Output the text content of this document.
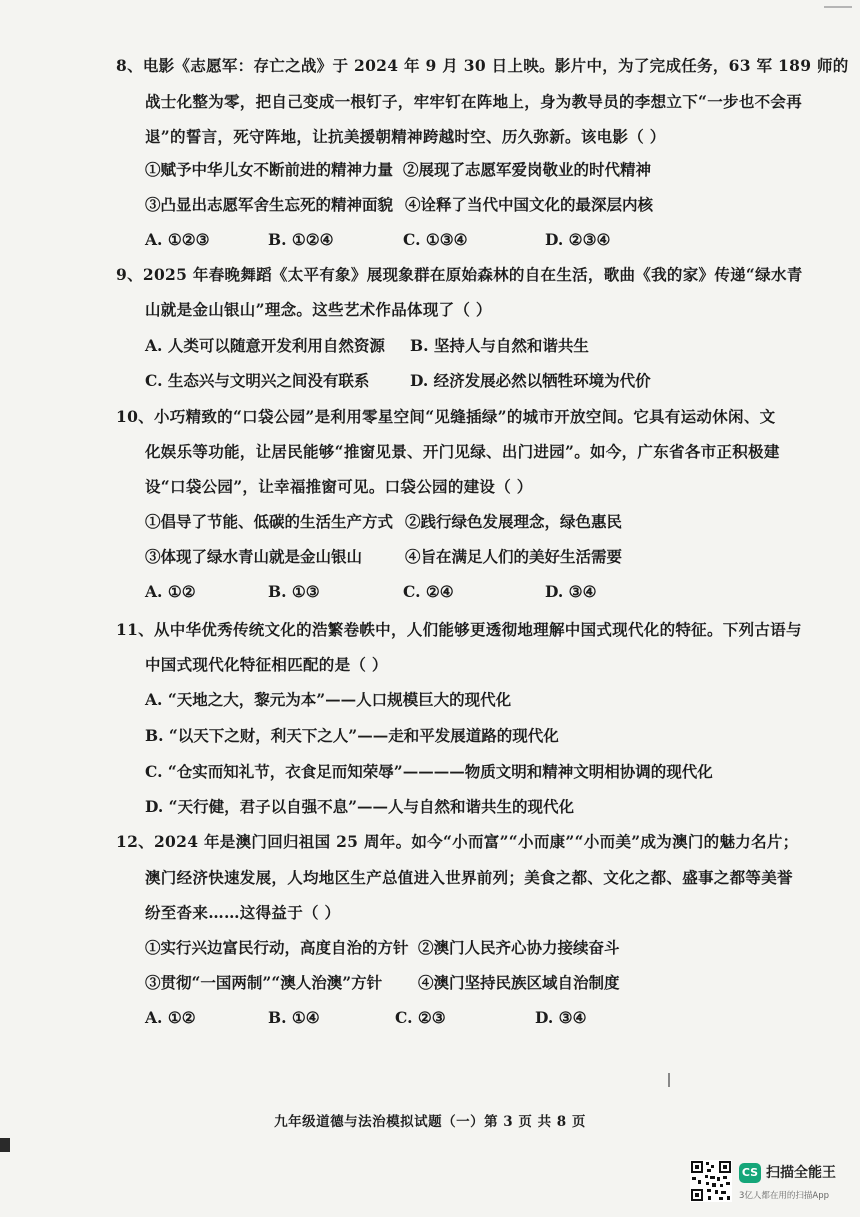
8、电影《志愿军：存亡之战》于 2024 年 9 月 30 日上映。影片中，为了完成任务，63 军 189 师的
战士化整为零，把自己变成一根钉子，牢牢钉在阵地上，身为教导员的李想立下“一步也不会再
退”的誓言，死守阵地，让抗美援朝精神跨越时空、历久弥新。该电影（ ）
①赋予中华儿女不断前进的精神力量 ②展现了志愿军爱岗敬业的时代精神
③凸显出志愿军舍生忘死的精神面貌 ④诠释了当代中国文化的最深层内核
A. ①②③	B. ①②④	C. ①③④	D. ②③④
9、2025 年春晚舞蹈《太平有象》展现象群在原始森林的自在生活，歌曲《我的家》传递“绿水青
山就是金山银山”理念。这些艺术作品体现了（ ）
A. 人类可以随意开发利用自然资源 B. 坚持人与自然和谐共生
C. 生态兴与文明兴之间没有联系	D. 经济发展必然以牺牲环境为代价
10、小巧精致的“口袋公园”是利用零星空间“见缝插绿”的城市开放空间。它具有运动休闲、文
化娱乐等功能，让居民能够“推窗见景、开门见绿、出门进园”。如今，广东省各市正积极建
设“口袋公园”，让幸福推窗可见。口袋公园的建设（ ）
①倡导了节能、低碳的生活生产方式 ②践行绿色发展理念，绿色惠民
③体现了绿水青山就是金山银山	④旨在满足人们的美好生活需要
A. ①②	B. ①③	C. ②④	D. ③④
11、从中华优秀传统文化的浩繁卷帙中，人们能够更透彻地理解中国式现代化的特征。下列古语与
中国式现代化特征相匹配的是（ ）
A. “天地之大，黎元为本”——人口规模巨大的现代化
B. “以天下之财，利天下之人”——走和平发展道路的现代化
C. “仓实而知礼节，衣食足而知荣辱”————物质文明和精神文明相协调的现代化
D. “天行健，君子以自强不息”——人与自然和谐共生的现代化
12、2024 年是澳门回归祖国 25 周年。如今“小而富”“小而康”“小而美”成为澳门的魅力名片；
澳门经济快速发展，人均地区生产总值进入世界前列；美食之都、文化之都、盛事之都等美誉
纷至沓来……这得益于（ ）
①实行兴边富民行动，高度自治的方针 ②澳门人民齐心协力接续奋斗
③贯彻“一国两制”“澳人治澳”方针 ④澳门坚持民族区域自治制度
A. ①②	B. ①④	C. ②③	D. ③④
九年级道德与法治模拟试题（一）第 3 页 共 8 页
CS 扫描全能王
3亿人都在用的扫描App
